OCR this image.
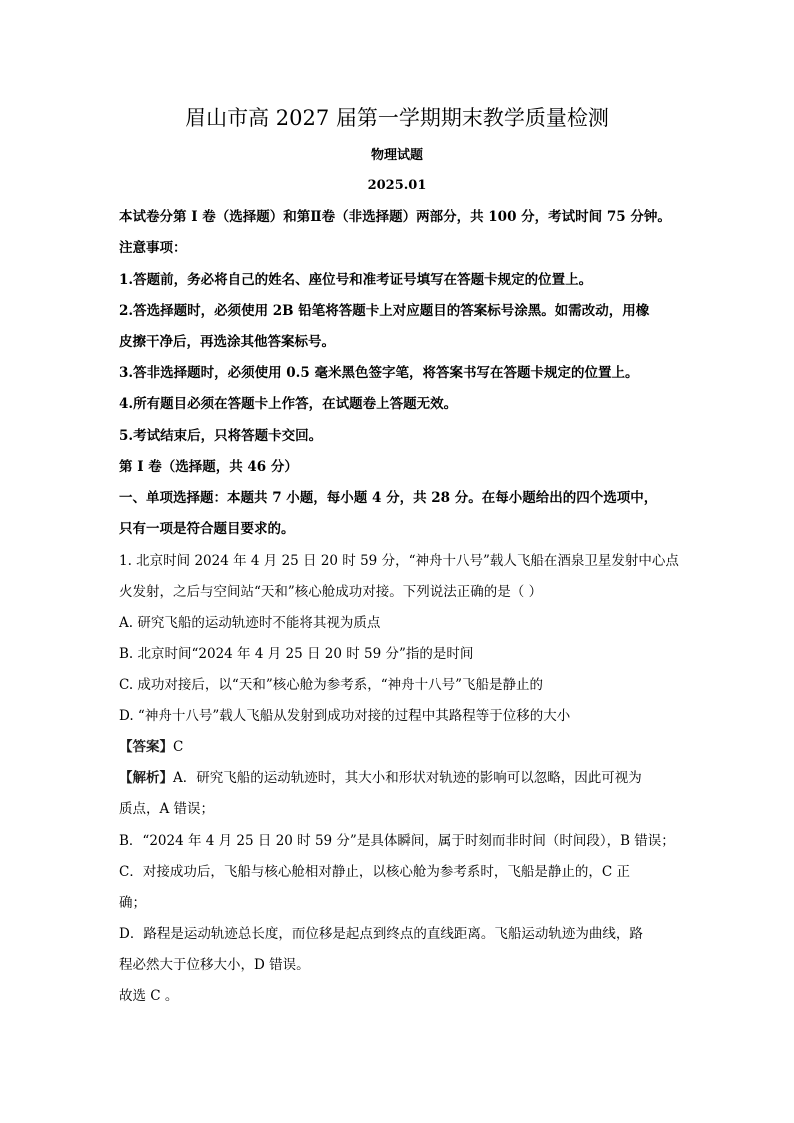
眉山市高 2027 届第一学期期末教学质量检测
物理试题
2025.01
本试卷分第 I 卷（选择题）和第Ⅱ卷（非选择题）两部分，共 100 分，考试时间 75 分钟。
注意事项：
1.答题前，务必将自己的姓名、座位号和准考证号填写在答题卡规定的位置上。
2.答选择题时，必须使用 2B 铅笔将答题卡上对应题目的答案标号涂黑。如需改动，用橡
皮擦干净后，再选涂其他答案标号。
3.答非选择题时，必须使用 0.5 毫米黑色签字笔，将答案书写在答题卡规定的位置上。
4.所有题目必须在答题卡上作答，在试题卷上答题无效。
5.考试结束后，只将答题卡交回。
第 I 卷（选择题，共 46 分）
一、单项选择题：本题共 7 小题，每小题 4 分，共 28 分。在每小题给出的四个选项中，
只有一项是符合题目要求的。
1. 北京时间 2024 年 4 月 25 日 20 时 59 分，“神舟十八号”载人飞船在酒泉卫星发射中心点
火发射，之后与空间站“天和”核心舱成功对接。下列说法正确的是（ ）
A. 研究飞船的运动轨迹时不能将其视为质点
B. 北京时间“2024 年 4 月 25 日 20 时 59 分”指的是时间
C. 成功对接后，以“天和”核心舱为参考系，“神舟十八号”飞船是静止的
D. “神舟十八号”载人飞船从发射到成功对接的过程中其路程等于位移的大小
【答案】C
【解析】A．研究飞船的运动轨迹时，其大小和形状对轨迹的影响可以忽略，因此可视为
质点，A 错误；
B．“2024 年 4 月 25 日 20 时 59 分”是具体瞬间，属于时刻而非时间（时间段），B 错误；
C．对接成功后，飞船与核心舱相对静止，以核心舱为参考系时，飞船是静止的，C 正
确；
D．路程是运动轨迹总长度，而位移是起点到终点的直线距离。飞船运动轨迹为曲线，路
程必然大于位移大小，D 错误。
故选 C 。
